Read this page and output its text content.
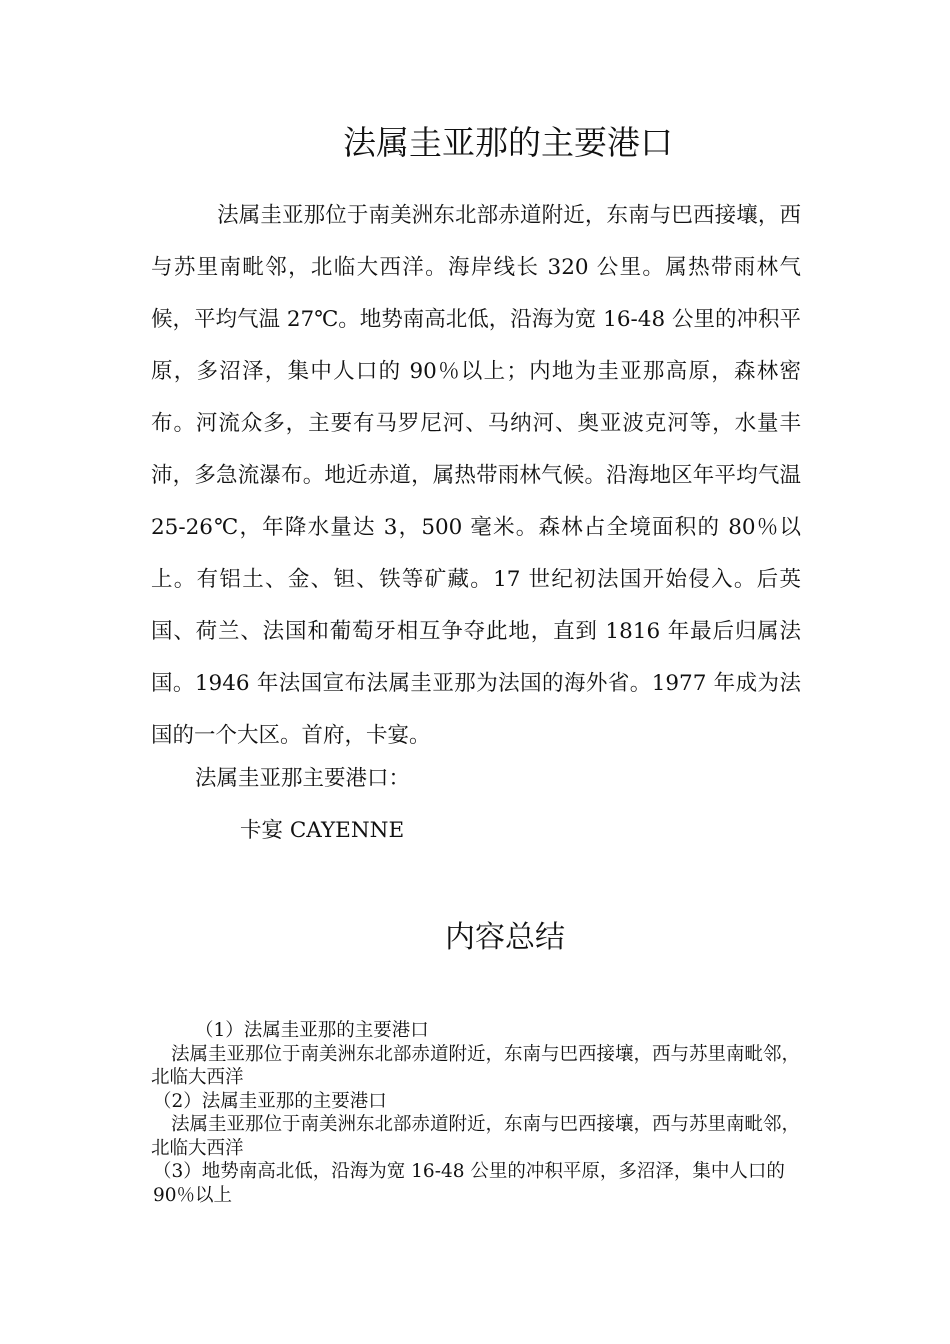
法属圭亚那的主要港口

法属圭亚那位于南美洲东北部赤道附近，东南与巴西接壤，西与苏里南毗邻，北临大西洋。海岸线长 320 公里。属热带雨林气候，平均气温 27℃。地势南高北低，沿海为宽 16-48 公里的冲积平原，多沼泽，集中人口的 90％以上；内地为圭亚那高原，森林密布。河流众多，主要有马罗尼河、马纳河、奥亚波克河等，水量丰沛，多急流瀑布。地近赤道，属热带雨林气候。沿海地区年平均气温 25-26℃，年降水量达 3，500 毫米。森林占全境面积的 80％以上。有铝土、金、钽、铁等矿藏。17 世纪初法国开始侵入。后英国、荷兰、法国和葡萄牙相互争夺此地，直到 1816 年最后归属法国。1946 年法国宣布法属圭亚那为法国的海外省。1977 年成为法国的一个大区。首府，卡宴。

法属圭亚那主要港口：

卡宴 CAYENNE

内容总结

（1）法属圭亚那的主要港口

法属圭亚那位于南美洲东北部赤道附近，东南与巴西接壤，西与苏里南毗邻，北临大西洋

（2）法属圭亚那的主要港口

法属圭亚那位于南美洲东北部赤道附近，东南与巴西接壤，西与苏里南毗邻，北临大西洋

（3）地势南高北低，沿海为宽 16-48 公里的冲积平原，多沼泽，集中人口的 90％以上
